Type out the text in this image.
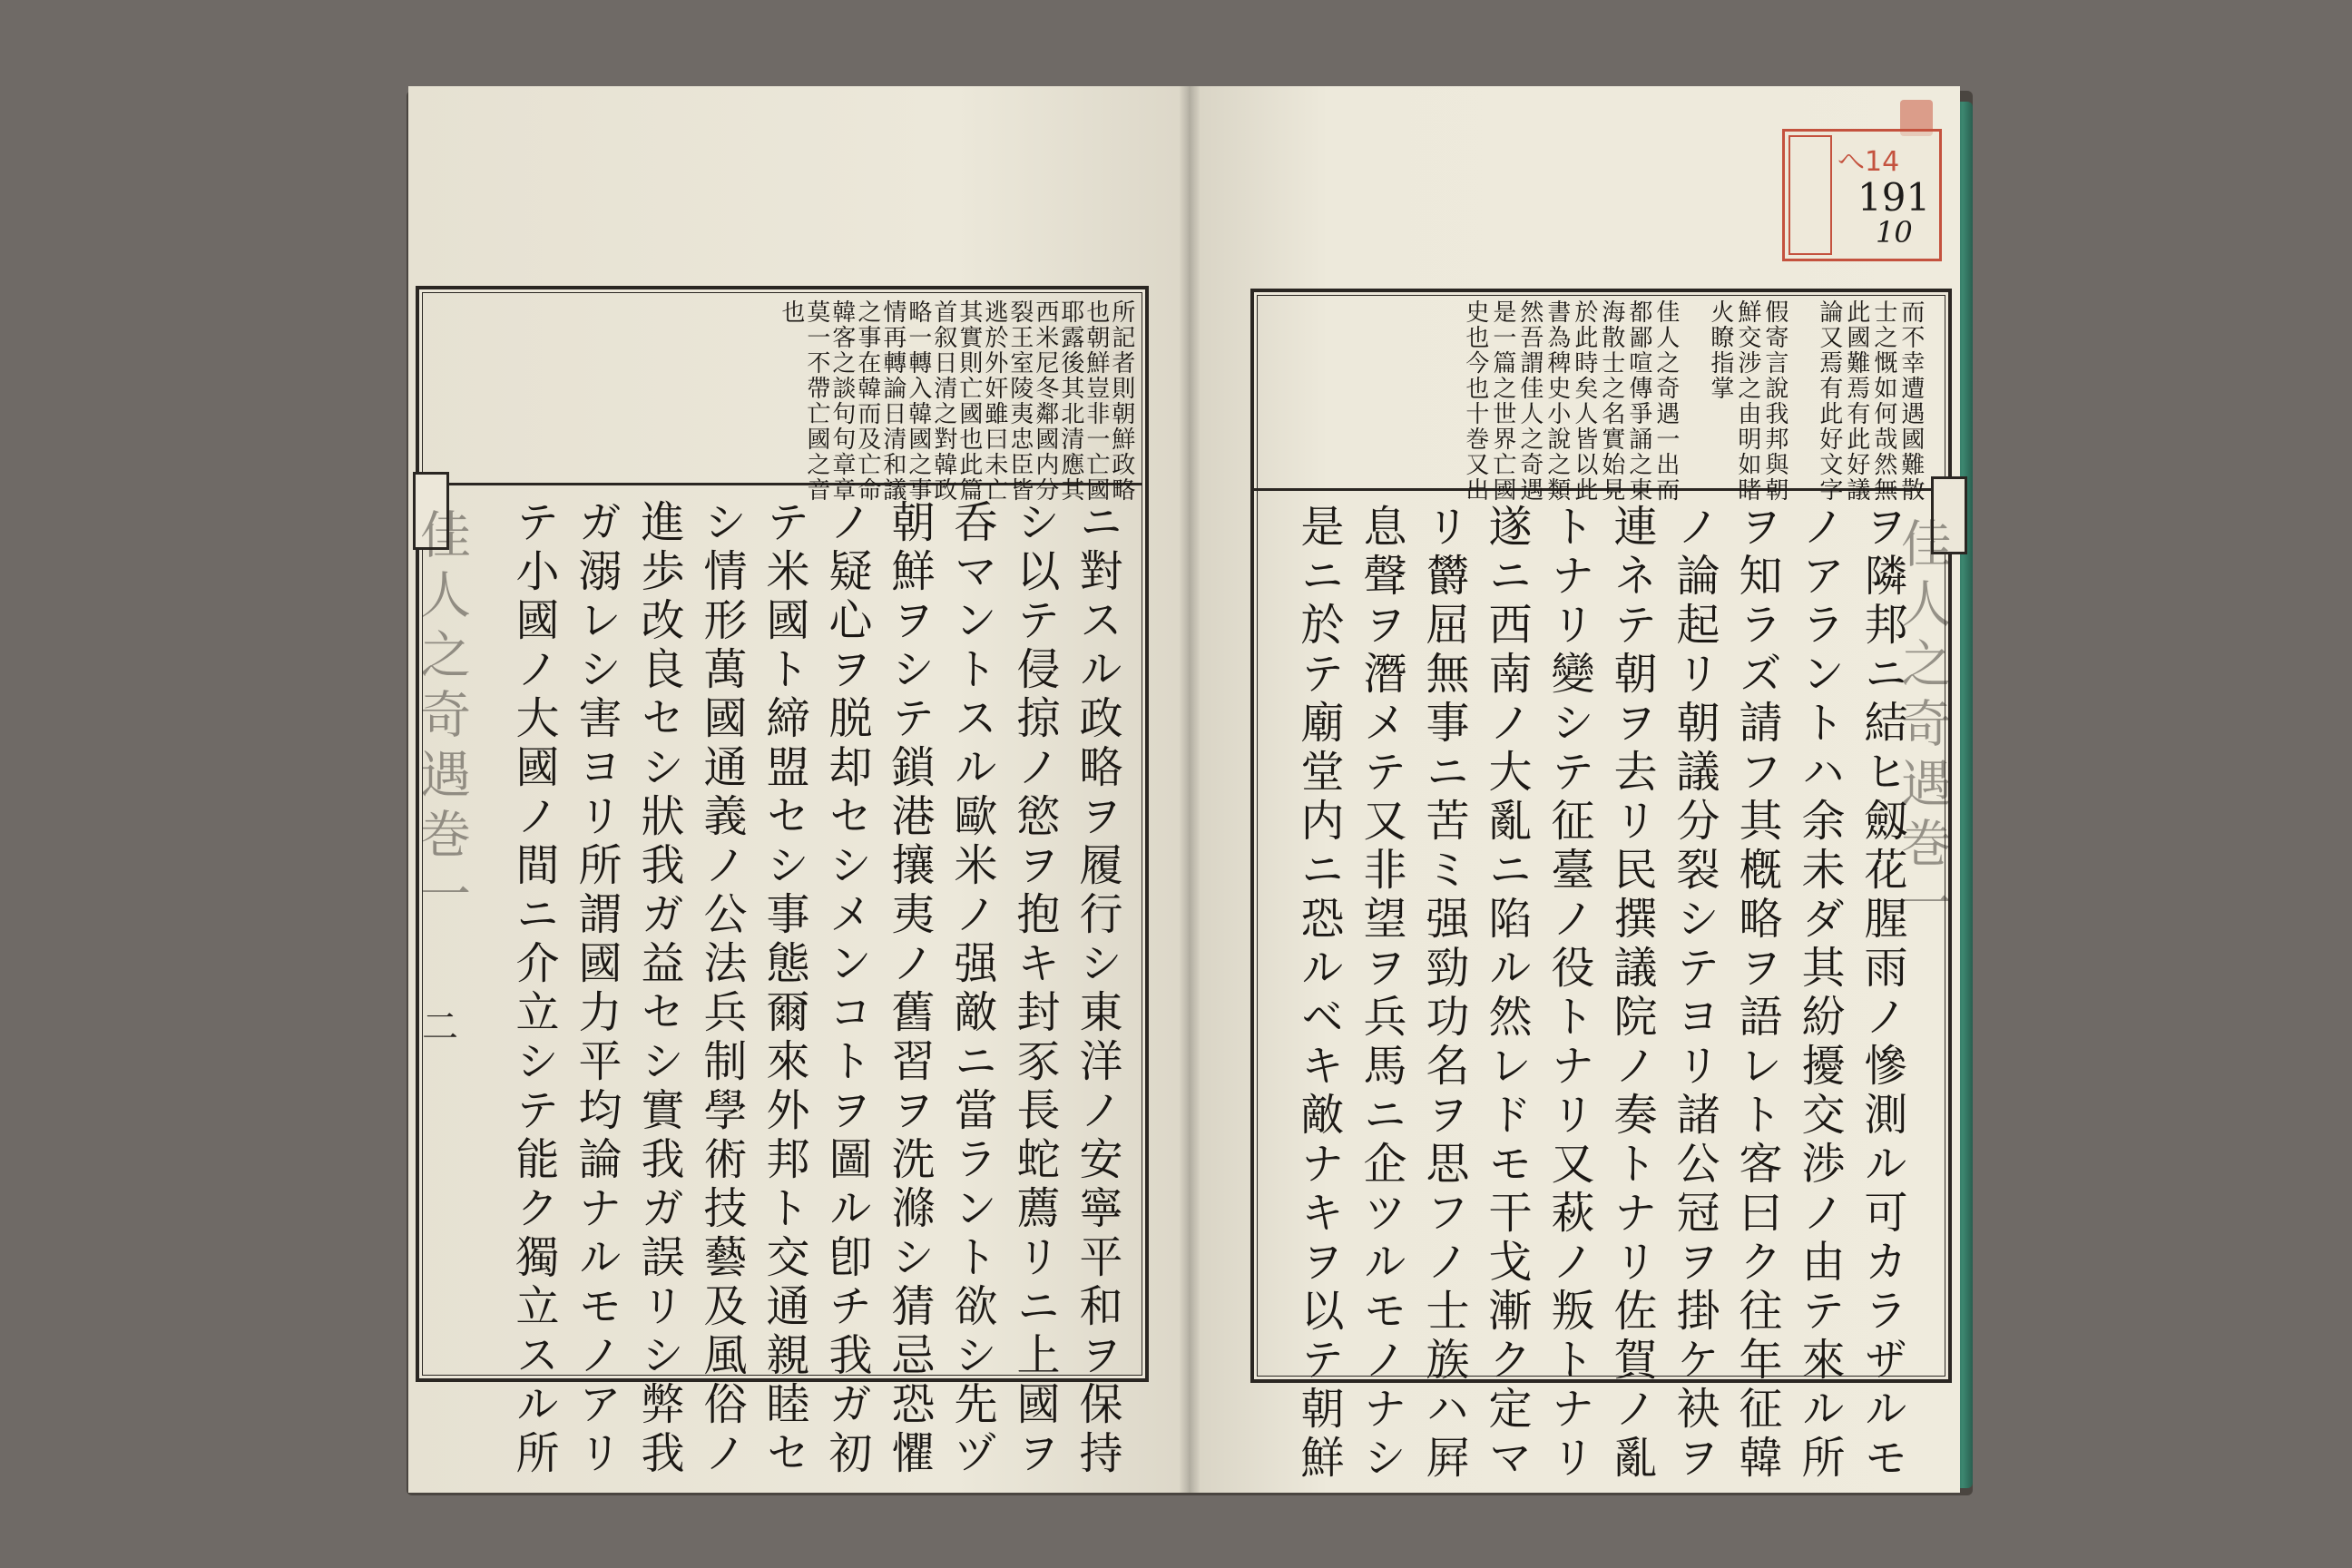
佳人之奇遇巻一	佳人之奇遇巻一
二
所記者則朝鮮政略
也朝鮮豈非一亡國
耶露後其北清應其
西米尼冬鄰國内分
裂王室陵夷忠臣皆
逃於外奸雖曰未亡
其實則亡國也此篇
首叙日清之對韓政
略一轉入韓國之事
情再轉論日清和議
之事在韓而及亡命
韓客之談句句章章
莫一不帶亡國之音
也
ニ對スル政略ヲ履行シ東洋ノ安寧平和ヲ保持
シ以テ侵掠ノ慾ヲ抱キ封豕長蛇薦リニ上國ヲ
呑マントスル歐米ノ强敵ニ當ラント欲シ先ヅ
朝鮮ヲシテ鎖港攘夷ノ舊習ヲ洗滌シ猜忌恐懼
ノ疑心ヲ脱却セシメンコトヲ圖ル卽チ我ガ初
テ米國ト締盟セシ事態爾來外邦ト交通親睦セ
シ情形萬國通義ノ公法兵制學術技藝及風俗ノ
進歩改良セシ狀我ガ益セシ實我ガ誤リシ弊我
ガ溺レシ害ヨリ所謂國力平均論ナルモノアリ
テ小國ノ大國ノ間ニ介立シテ能ク獨立スル所
而不幸遭遇國難散
士之慨如何哉然無
此國難焉有此好議
論又焉有此好文字
假寄言說我邦與朝
鮮交涉之由明如睹
火瞭指掌
佳人之奇遇一出而
都鄙喧傳爭誦之東
海散士之名實始見
於此時矣人皆以此
書為稗史小說之類
然吾謂佳人之奇遇
是一篇之世界亡國
史也今也十巻又出
ヲ隣邦ニ結ヒ劔花腥雨ノ慘測ル可カラザルモ
ノアラントハ余未ダ其紛擾交渉ノ由テ來ル所
ヲ知ラズ請フ其槪略ヲ語レト客曰ク往年征韓
ノ論起リ朝議分裂シテヨリ諸公冠ヲ掛ケ袂ヲ
連ネテ朝ヲ去リ民撰議院ノ奏トナリ佐賀ノ亂
トナリ變シテ征臺ノ役トナリ又萩ノ叛トナリ
遂ニ西南ノ大亂ニ陷ル然レドモ干戈漸ク定マ
リ欝屈無事ニ苦ミ强勁功名ヲ思フノ士族ハ屛
息聲ヲ潛メテ又非望ヲ兵馬ニ企ツルモノナシ
是ニ於テ廟堂内ニ恐ルベキ敵ナキヲ以テ朝鮮
へ14
191
10
